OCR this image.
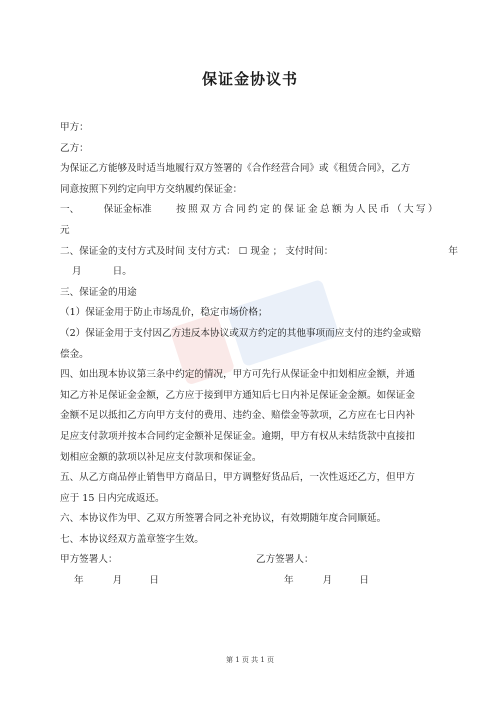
保证金协议书
甲方：
乙方：
为保证乙方能够及时适当地履行双方签署的《合作经营合同》或《租赁合同》，乙方
同意按照下列约定向甲方交纳履约保证金：
一、	保证金标准	按照双方合同约定的保证金总额为人民币（大写）
元
二、保证金的支付方式及时间 支付方式： ☐ 现金 ； 支付时间：	年
月	日。
三、保证金的用途
（1）保证金用于防止市场乱价，稳定市场价格；
（2）保证金用于支付因乙方违反本协议或双方约定的其他事项而应支付的违约金或赔
偿金。
四、如出现本协议第三条中约定的情况，甲方可先行从保证金中扣划相应金额，并通
知乙方补足保证金金额，乙方应于接到甲方通知后七日内补足保证金金额。如保证金
金额不足以抵扣乙方向甲方支付的费用、违约金、赔偿金等款项，乙方应在七日内补
足应支付款项并按本合同约定金额补足保证金。逾期，甲方有权从未结货款中直接扣
划相应金额的款项以补足应支付款项和保证金。
五、从乙方商品停止销售甲方商品日，甲方调整好货品后，一次性返还乙方，但甲方
应于 15 日内完成返还。
六、本协议作为甲、乙双方所签署合同之补充协议，有效期随年度合同顺延。
七、本协议经双方盖章签字生效。
甲方签署人：	乙方签署人：
年	月	日	年	月	日
第 1 页 共 1 页
